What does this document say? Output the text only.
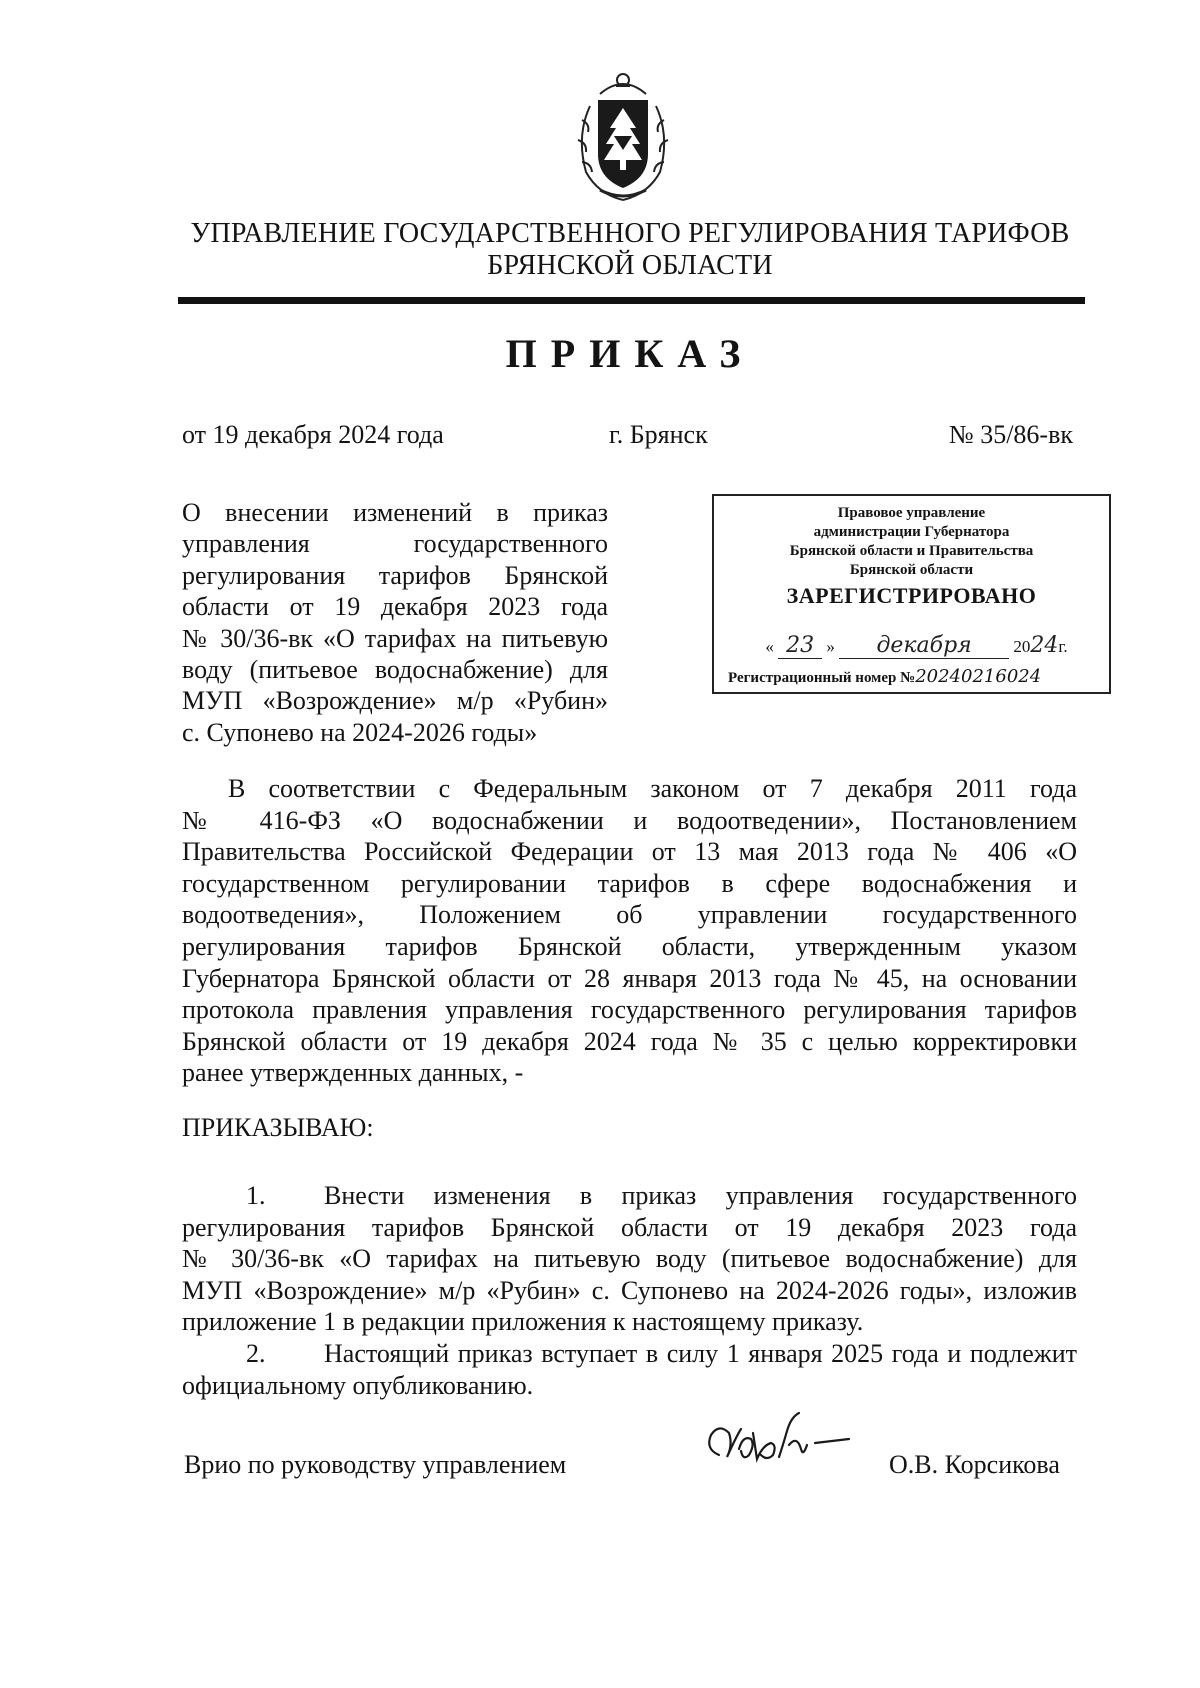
УПРАВЛЕНИЕ ГОСУДАРСТВЕННОГО РЕГУЛИРОВАНИЯ ТАРИФОВ
БРЯНСКОЙ ОБЛАСТИ
ПРИКАЗ
от 19 декабря 2024 года	г. Брянск	№ 35/86-вк

О внесении изменений в приказ

управления государственного

регулирования тарифов Брянской

области от 19 декабря 2023 года

№ 30/36-вк «О тарифах на питьевую

воду (питьевое водоснабжение) для

МУП «Возрождение» м/р «Рубин»

с. Супонево на 2024-2026 годы»

Правовое управление
администрации Губернатора
Брянской области и Правительства
Брянской области
ЗАРЕГИСТРИРОВАНО
« 23 » декабря 2024г.
Регистрационный номер №20240216024

В соответствии с Федеральным законом от 7 декабря 2011 года

№ 416-ФЗ «О водоснабжении и водоотведении», Постановлением

Правительства Российской Федерации от 13 мая 2013 года № 406 «О

государственном регулировании тарифов в сфере водоснабжения и

водоотведения», Положением об управлении государственного

регулирования тарифов Брянской области, утвержденным указом

Губернатора Брянской области от 28 января 2013 года № 45, на основании

протокола правления управления государственного регулирования тарифов

Брянской области от 19 декабря 2024 года № 35 с целью корректировки

ранее утвержденных данных, -

ПРИКАЗЫВАЮ:

1. Внести изменения в приказ управления государственного

регулирования тарифов Брянской области от 19 декабря 2023 года

№ 30/36-вк «О тарифах на питьевую воду (питьевое водоснабжение) для

МУП «Возрождение» м/р «Рубин» с. Супонево на 2024-2026 годы», изложив

приложение 1 в редакции приложения к настоящему приказу.

2. Настоящий приказ вступает в силу 1 января 2025 года и подлежит

официальному опубликованию.

Врио по руководству управлением	О.В. Корсикова
